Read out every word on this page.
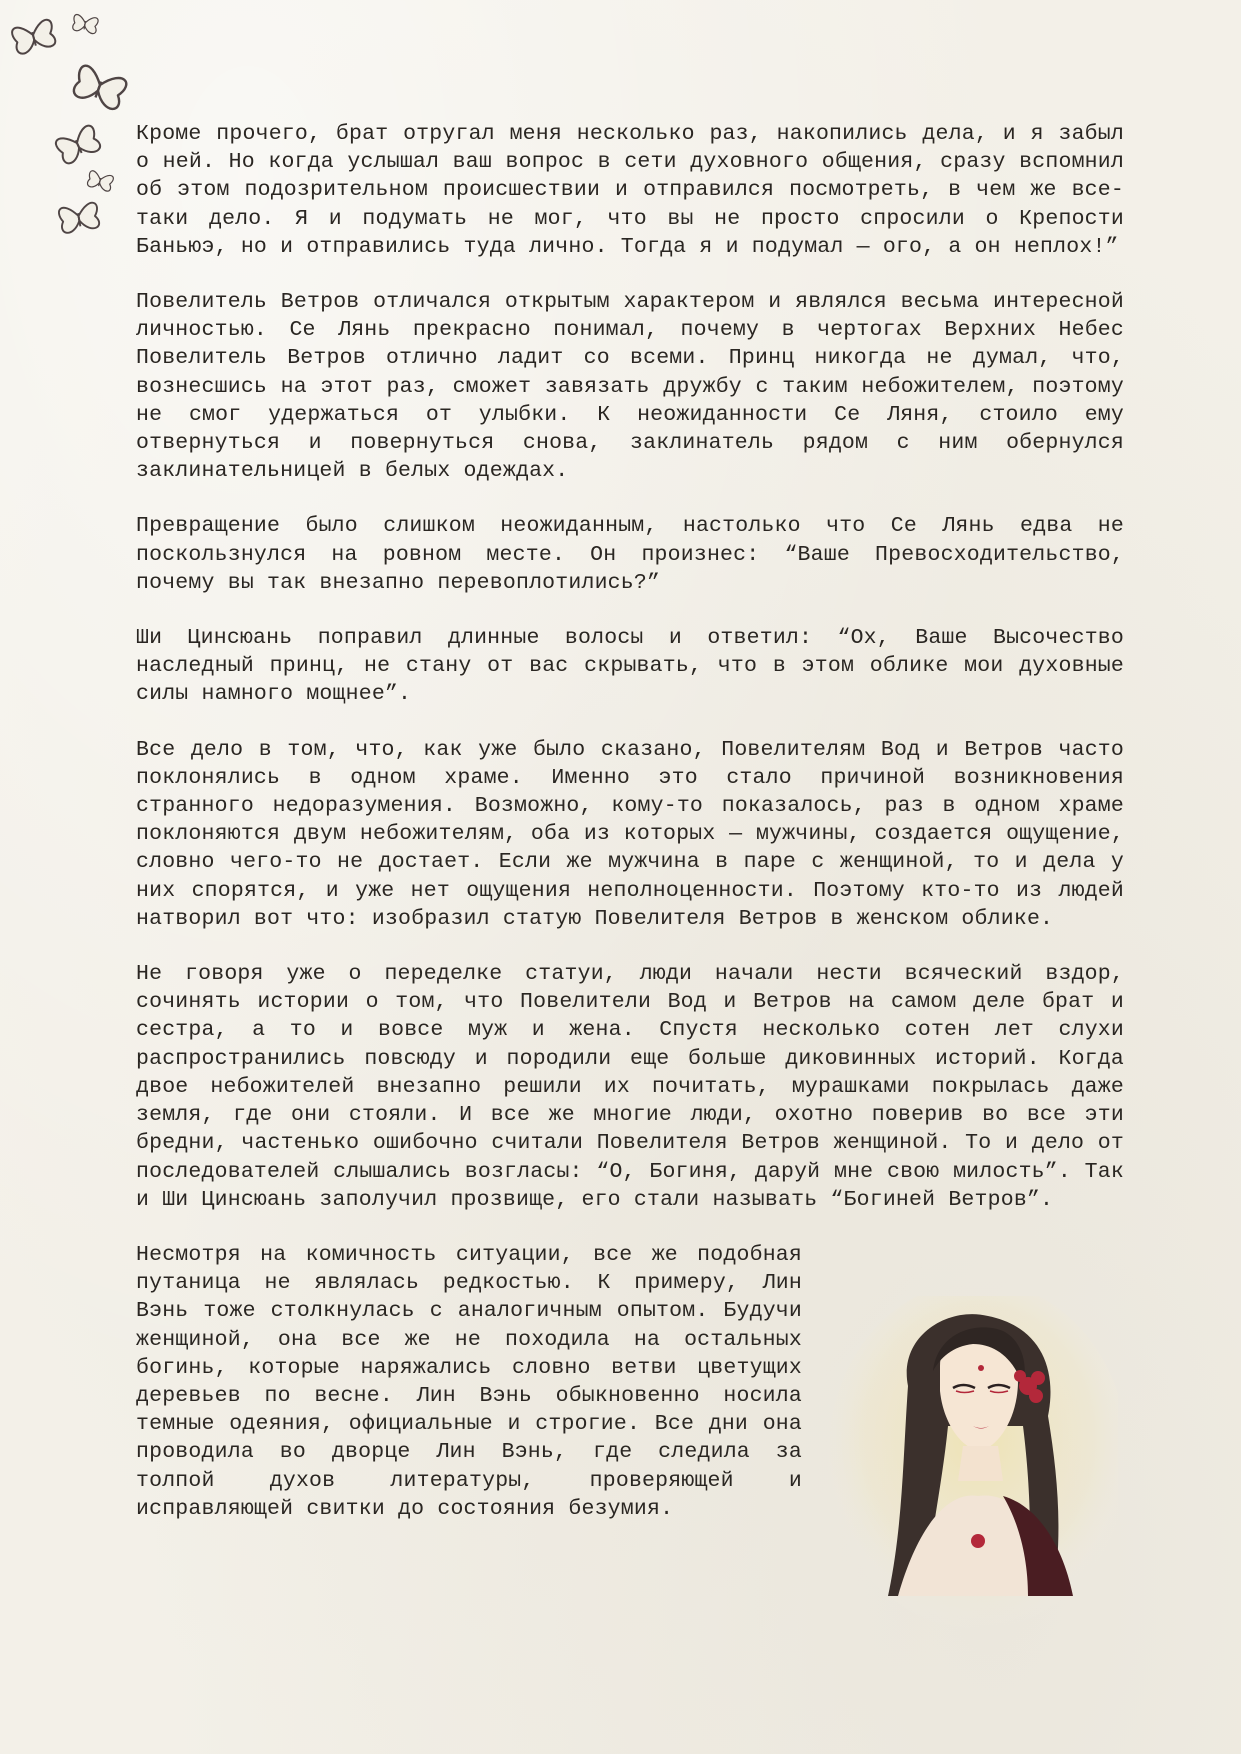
Кроме прочего, брат отругал меня несколько раз, накопились дела, и я забыл о ней. Но когда услышал ваш вопрос в сети духовного общения, сразу вспомнил об этом подозрительном происшествии и отправился посмотреть, в чем же все-таки дело. Я и подумать не мог, что вы не просто спросили о Крепости Баньюэ, но и отправились туда лично. Тогда я и подумал — ого, а он неплох!”

Повелитель Ветров отличался открытым характером и являлся весьма интересной личностью. Се Лянь прекрасно понимал, почему в чертогах Верхних Небес Повелитель Ветров отлично ладит со всеми. Принц никогда не думал, что, вознесшись на этот раз, сможет завязать дружбу с таким небожителем, поэтому не смог удержаться от улыбки. К неожиданности Се Ляня, стоило ему отвернуться и повернуться снова, заклинатель рядом с ним обернулся заклинательницей в белых одеждах.

Превращение было слишком неожиданным, настолько что Се Лянь едва не поскользнулся на ровном месте. Он произнес: “Ваше Превосходительство, почему вы так внезапно перевоплотились?”

Ши Цинсюань поправил длинные волосы и ответил: “Ох, Ваше Высочество наследный принц, не стану от вас скрывать, что в этом облике мои духовные силы намного мощнее”.

Все дело в том, что, как уже было сказано, Повелителям Вод и Ветров часто поклонялись в одном храме. Именно это стало причиной возникновения странного недоразумения. Возможно, кому-то показалось, раз в одном храме поклоняются двум небожителям, оба из которых — мужчины, создается ощущение, словно чего-то не достает. Если же мужчина в паре с женщиной, то и дела у них спорятся, и уже нет ощущения неполноценности. Поэтому кто-то из людей натворил вот что: изобразил статую Повелителя Ветров в женском облике.

Не говоря уже о переделке статуи, люди начали нести всяческий вздор, сочинять истории о том, что Повелители Вод и Ветров на самом деле брат и сестра, а то и вовсе муж и жена. Спустя несколько сотен лет слухи распространились повсюду и породили еще больше диковинных историй. Когда двое небожителей внезапно решили их почитать, мурашками покрылась даже земля, где они стояли. И все же многие люди, охотно поверив во все эти бредни, частенько ошибочно считали Повелителя Ветров женщиной. То и дело от последователей слышались возгласы: “О, Богиня, даруй мне свою милость”. Так и Ши Цинсюань заполучил прозвище, его стали называть “Богиней Ветров”.

Несмотря на комичность ситуации, все же подобная путаница не являлась редкостью. К примеру, Лин Вэнь тоже столкнулась с аналогичным опытом. Будучи женщиной, она все же не походила на остальных богинь, которые наряжались словно ветви цветущих деревьев по весне. Лин Вэнь обыкновенно носила темные одеяния, официальные и строгие. Все дни она проводила во дворце Лин Вэнь, где следила за толпой духов литературы, проверяющей и исправляющей свитки до состояния безумия.
